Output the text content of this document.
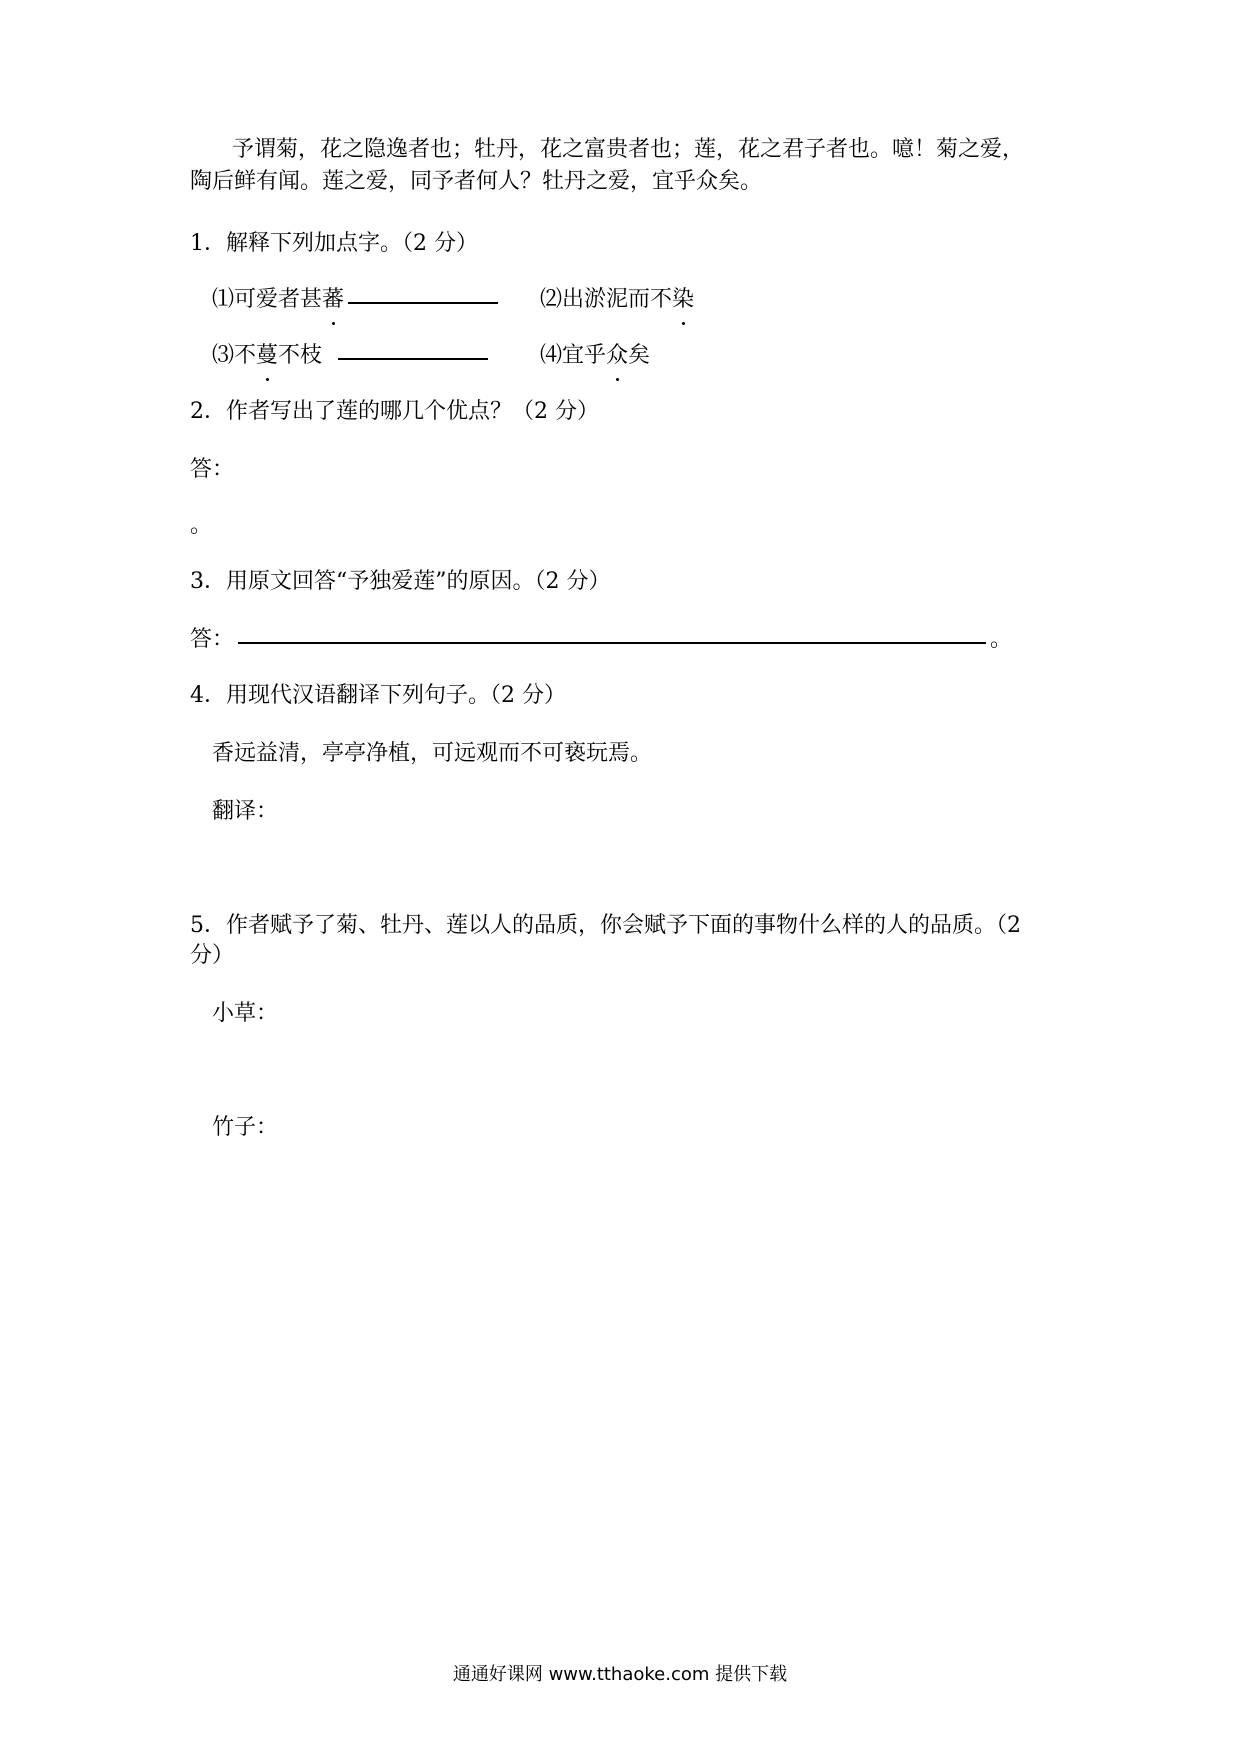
予谓菊，花之隐逸者也；牡丹，花之富贵者也；莲，花之君子者也。噫！菊之爱，
陶后鲜有闻。莲之爱，同予者何人？牡丹之爱，宜乎众矣。
1．解释下列加点字。（2 分）
⑴可爱者甚蕃	⑵出淤泥而不染
⑶不蔓不枝	⑷宜乎众矣
2．作者写出了莲的哪几个优点？（2 分）
答：
。
3．用原文回答“予独爱莲”的原因。（2 分）
答：	。
4．用现代汉语翻译下列句子。（2 分）
香远益清，亭亭净植，可远观而不可亵玩焉。
翻译：
5．作者赋予了菊、牡丹、莲以人的品质，你会赋予下面的事物什么样的人的品质。（2
分）
小草：
竹子：
通通好课网 www.tthaoke.com 提供下载
